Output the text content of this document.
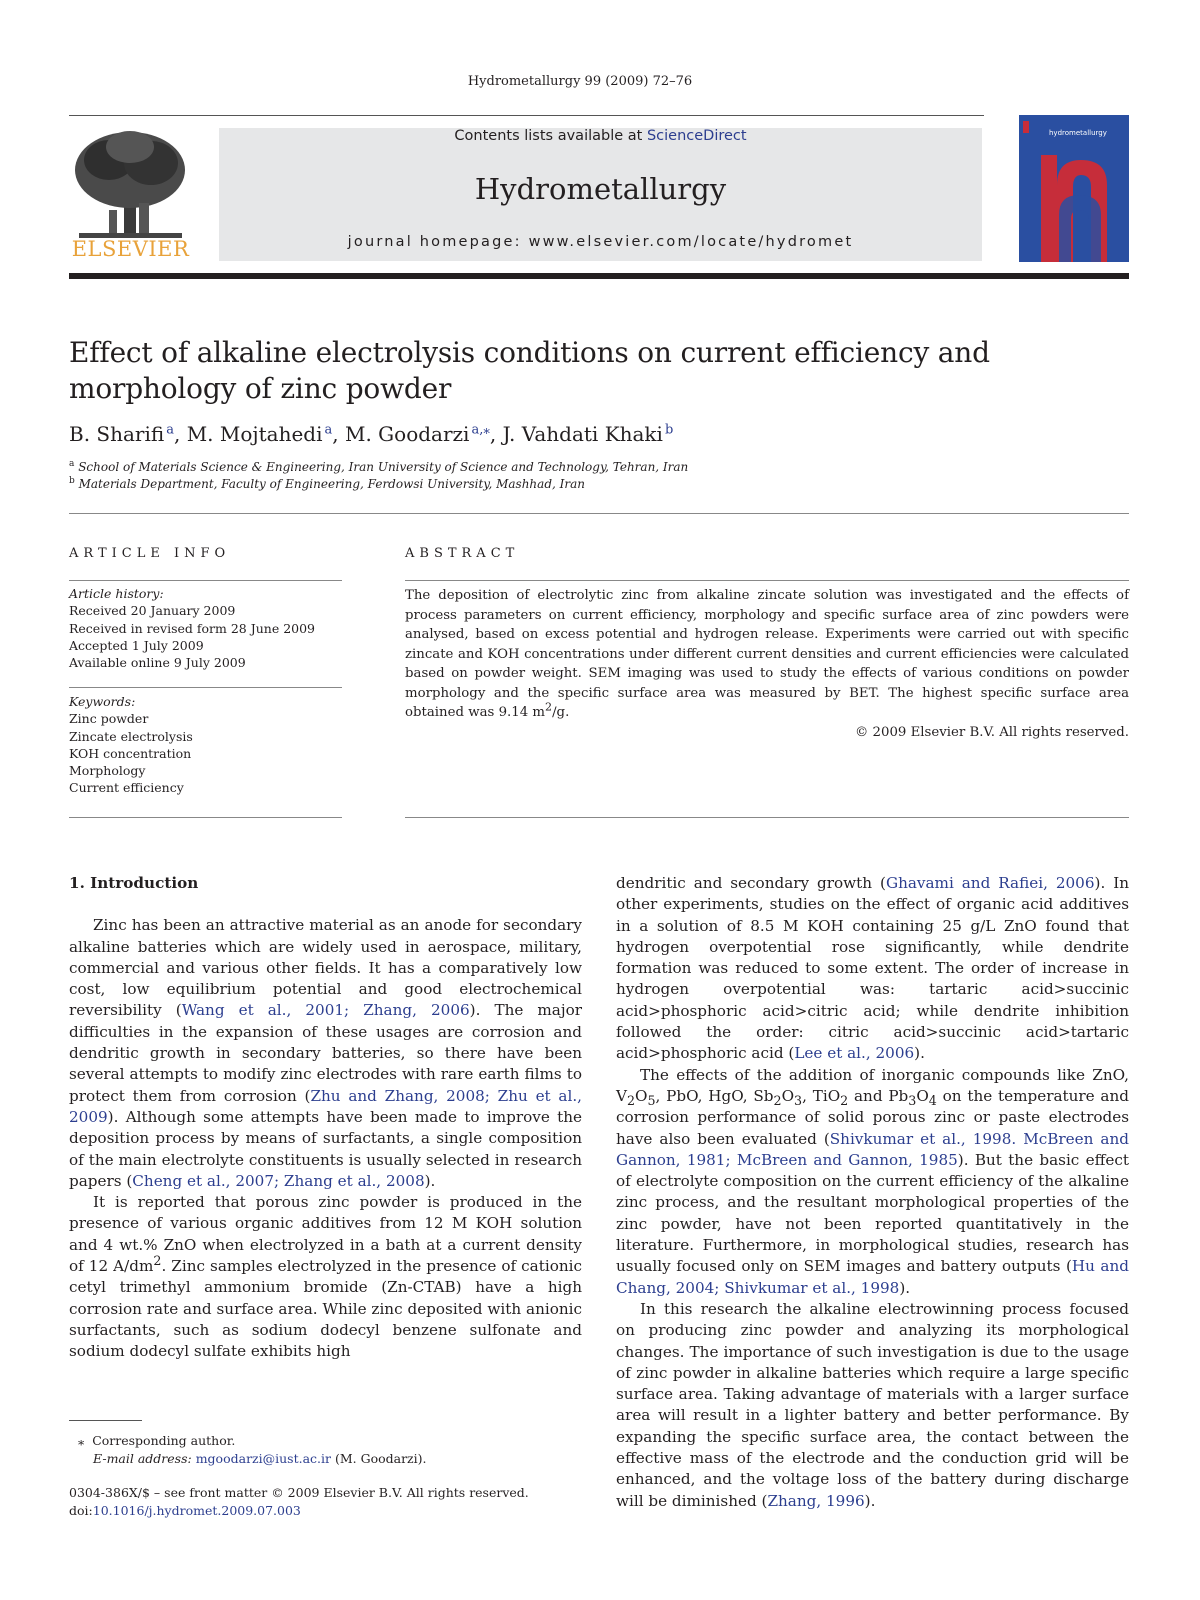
Hydrometallurgy 99 (2009) 72–76
ELSEVIER
Contents lists available at ScienceDirect
Hydrometallurgy
journal homepage: www.elsevier.com/locate/hydromet
hydrometallurgy
Effect of alkaline electrolysis conditions on current efficiency and morphology of zinc powder
B. Sharifi  $^a$, M. Mojtahedi  $^a$, M. Goodarzi  $^{a,⁎}$, J. Vahdati Khaki  $^b$
$^a$ School of Materials Science & Engineering, Iran University of Science and Technology, Tehran, Iran
$^b$ Materials Department, Faculty of Engineering, Ferdowsi University, Mashhad, Iran
ARTICLE INFO
Article history:
Received 20 January 2009
Received in revised form 28 June 2009
Accepted 1 July 2009
Available online 9 July 2009
Keywords:
Zinc powder
Zincate electrolysis
KOH concentration
Morphology
Current efficiency
ABSTRACT
The deposition of electrolytic zinc from alkaline zincate solution was investigated and the effects of process parameters on current efficiency, morphology and specific surface area of zinc powders were analysed, based on excess potential and hydrogen release. Experiments were carried out with specific zincate and KOH concentrations under different current densities and current efficiencies were calculated based on powder weight. SEM imaging was used to study the effects of various conditions on powder morphology and the specific surface area was measured by BET. The highest specific surface area obtained was 9.14 $m^2/g$.
© 2009 Elsevier B.V. All rights reserved.
1. Introduction

Zinc has been an attractive material as an anode for secondary alkaline batteries which are widely used in aerospace, military, commercial and various other fields. It has a comparatively low cost, low equilibrium potential and good electrochemical reversibility (Wang et al., 2001; Zhang, 2006). The major difficulties in the expansion of these usages are corrosion and dendritic growth in secondary batteries, so there have been several attempts to modify zinc electrodes with rare earth films to protect them from corrosion (Zhu and Zhang, 2008; Zhu et al., 2009). Although some attempts have been made to improve the deposition process by means of surfactants, a single composition of the main electrolyte constituents is usually selected in research papers (Cheng et al., 2007; Zhang et al., 2008).

It is reported that porous zinc powder is produced in the presence of various organic additives from 12 M KOH solution and 4 wt.% ZnO when electrolyzed in a bath at a current density of 12 $A/dm^2$. Zinc samples electrolyzed in the presence of cationic cetyl trimethyl ammonium bromide (Zn-CTAB) have a high corrosion rate and surface area. While zinc deposited with anionic surfactants, such as sodium dodecyl benzene sulfonate and sodium dodecyl sulfate exhibits high

dendritic and secondary growth (Ghavami and Rafiei, 2006). In other experiments, studies on the effect of organic acid additives in a solution of 8.5 M KOH containing 25 g/L ZnO found that hydrogen overpotential rose significantly, while dendrite formation was reduced to some extent. The order of increase in hydrogen overpotential was: tartaric acid>succinic acid>phosphoric acid>citric acid; while dendrite inhibition followed the order: citric acid>succinic acid>tartaric acid>phosphoric acid (Lee et al., 2006).

The effects of the addition of inorganic compounds like ZnO, $V_2O_5$, PbO, HgO, $Sb_2O_3$, TiO$_2$ and $Pb_3O_4$ on the temperature and corrosion performance of solid porous zinc or paste electrodes have also been evaluated (Shivkumar et al., 1998. McBreen and Gannon, 1981; McBreen and Gannon, 1985). But the basic effect of electrolyte composition on the current efficiency of the alkaline zinc process, and the resultant morphological properties of the zinc powder, have not been reported quantitatively in the literature. Furthermore, in morphological studies, research has usually focused only on SEM images and battery outputs (Hu and Chang, 2004; Shivkumar et al., 1998).

In this research the alkaline electrowinning process focused on producing zinc powder and analyzing its morphological changes. The importance of such investigation is due to the usage of zinc powder in alkaline batteries which require a large specific surface area. Taking advantage of materials with a larger surface area will result in a lighter battery and better performance. By expanding the specific surface area, the contact between the effective mass of the electrode and the conduction grid will be enhanced, and the voltage loss of the battery during discharge will be diminished (Zhang, 1996).

⁎ Corresponding author.
E-mail address: mgoodarzi@iust.ac.ir (M. Goodarzi).
0304-386X/$ – see front matter © 2009 Elsevier B.V. All rights reserved.
doi:10.1016/j.hydromet.2009.07.003
